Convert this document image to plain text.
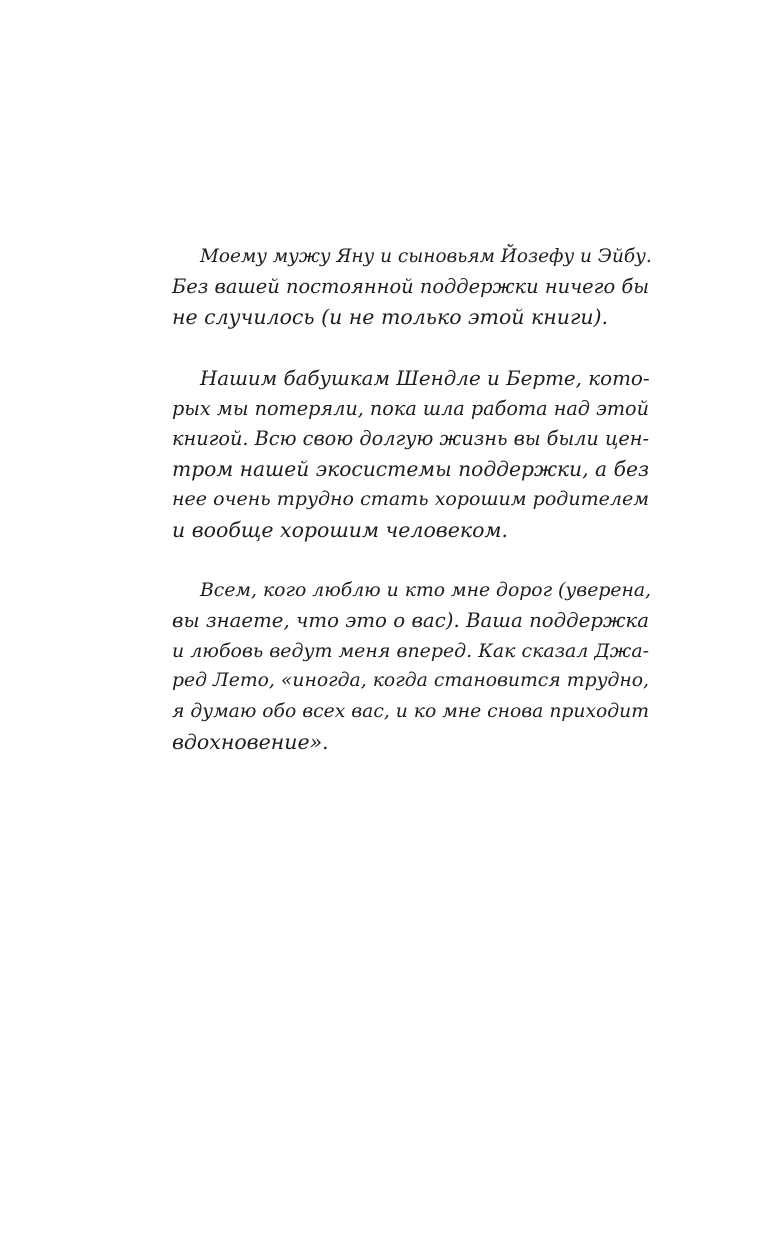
Моему мужу Яну и сыновьям Йозефу и Эйбу.
Без вашей постоянной поддержки ничего бы
не случилось (и не только этой книги).
Нашим бабушкам Шендле и Берте, кото-
рых мы потеряли, пока шла работа над этой
книгой. Всю свою долгую жизнь вы были цен-
тром нашей экосистемы поддержки, а без
нее очень трудно стать хорошим родителем
и вообще хорошим человеком.
Всем, кого люблю и кто мне дорог (уверена,
вы знаете, что это о вас). Ваша поддержка
и любовь ведут меня вперед. Как сказал Джа-
ред Лето, «иногда, когда становится трудно,
я думаю обо всех вас, и ко мне снова приходит
вдохновение».
